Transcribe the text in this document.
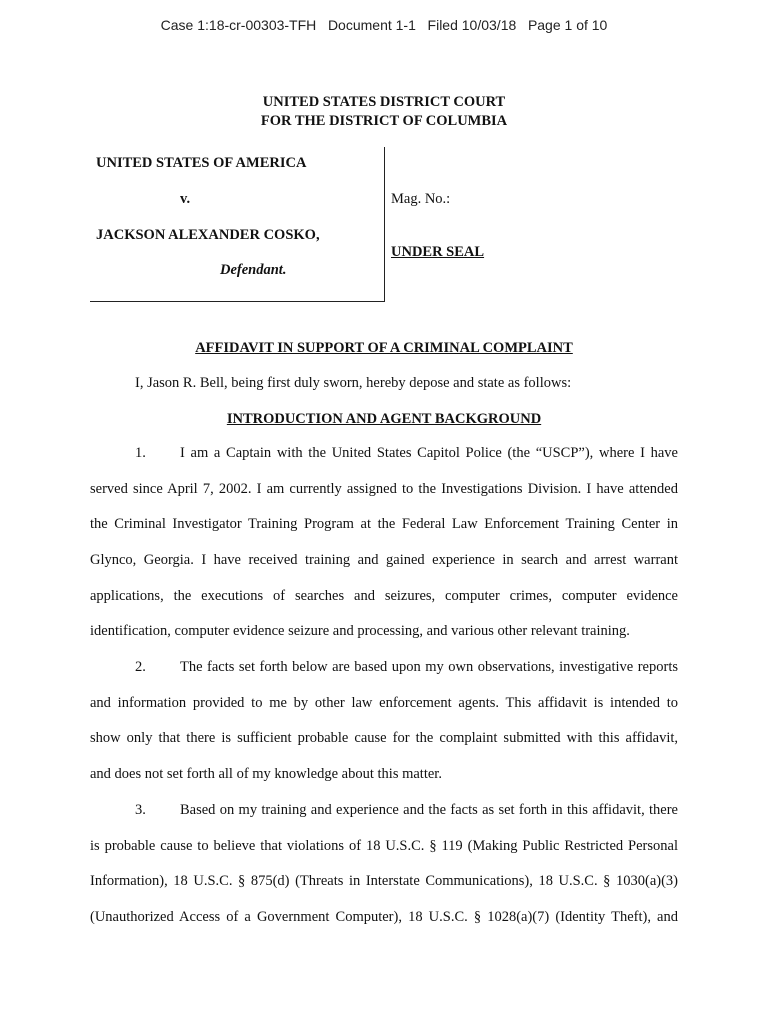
Case 1:18-cr-00303-TFH   Document 1-1   Filed 10/03/18   Page 1 of 10
UNITED STATES DISTRICT COURT
FOR THE DISTRICT OF COLUMBIA
UNITED STATES OF AMERICA
v.
JACKSON ALEXANDER COSKO,
Defendant.
Mag. No.:
UNDER SEAL
AFFIDAVIT IN SUPPORT OF A CRIMINAL COMPLAINT
I, Jason R. Bell, being first duly sworn, hereby depose and state as follows:
INTRODUCTION AND AGENT BACKGROUND
1. I am a Captain with the United States Capitol Police (the “USCP”), where I have
served since April 7, 2002. I am currently assigned to the Investigations Division. I have attended
the Criminal Investigator Training Program at the Federal Law Enforcement Training Center in
Glynco, Georgia. I have received training and gained experience in search and arrest warrant
applications, the executions of searches and seizures, computer crimes, computer evidence
identification, computer evidence seizure and processing, and various other relevant training.
2. The facts set forth below are based upon my own observations, investigative reports
and information provided to me by other law enforcement agents. This affidavit is intended to
show only that there is sufficient probable cause for the complaint submitted with this affidavit,
and does not set forth all of my knowledge about this matter.
3. Based on my training and experience and the facts as set forth in this affidavit, there
is probable cause to believe that violations of 18 U.S.C. § 119 (Making Public Restricted Personal
Information), 18 U.S.C. § 875(d) (Threats in Interstate Communications), 18 U.S.C. § 1030(a)(3)
(Unauthorized Access of a Government Computer), 18 U.S.C. § 1028(a)(7) (Identity Theft), and
